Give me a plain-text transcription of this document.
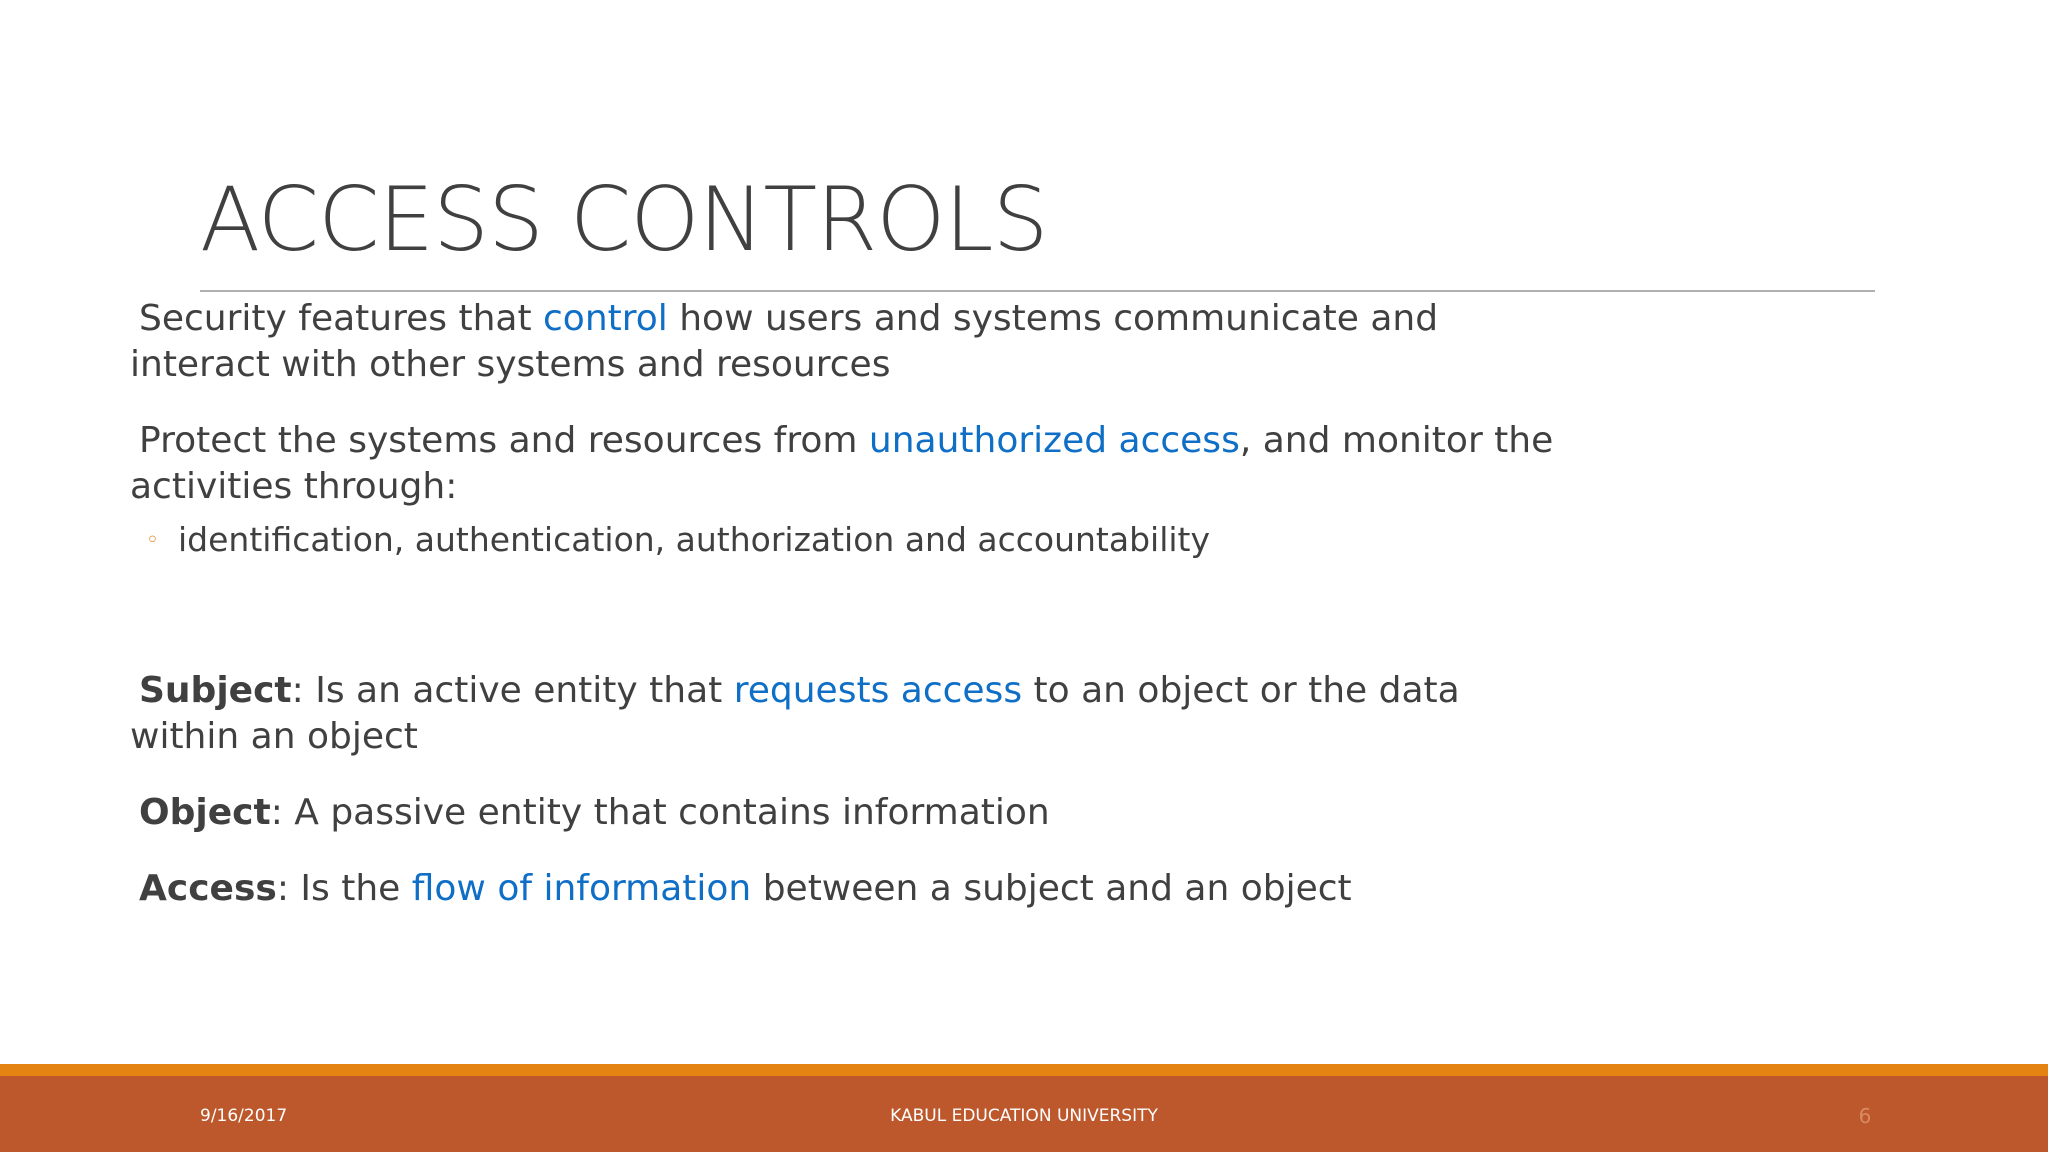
ACCESS CONTROLS

Security features that control how users and systems communicate and interact with other systems and resources

Protect the systems and resources from unauthorized access, and monitor the activities through:

◦ identification, authentication, authorization and accountability

Subject: Is an active entity that requests access to an object or the data within an object

Object: A passive entity that contains information

Access: Is the flow of information between a subject and an object

9/16/2017	KABUL EDUCATION UNIVERSITY	6
